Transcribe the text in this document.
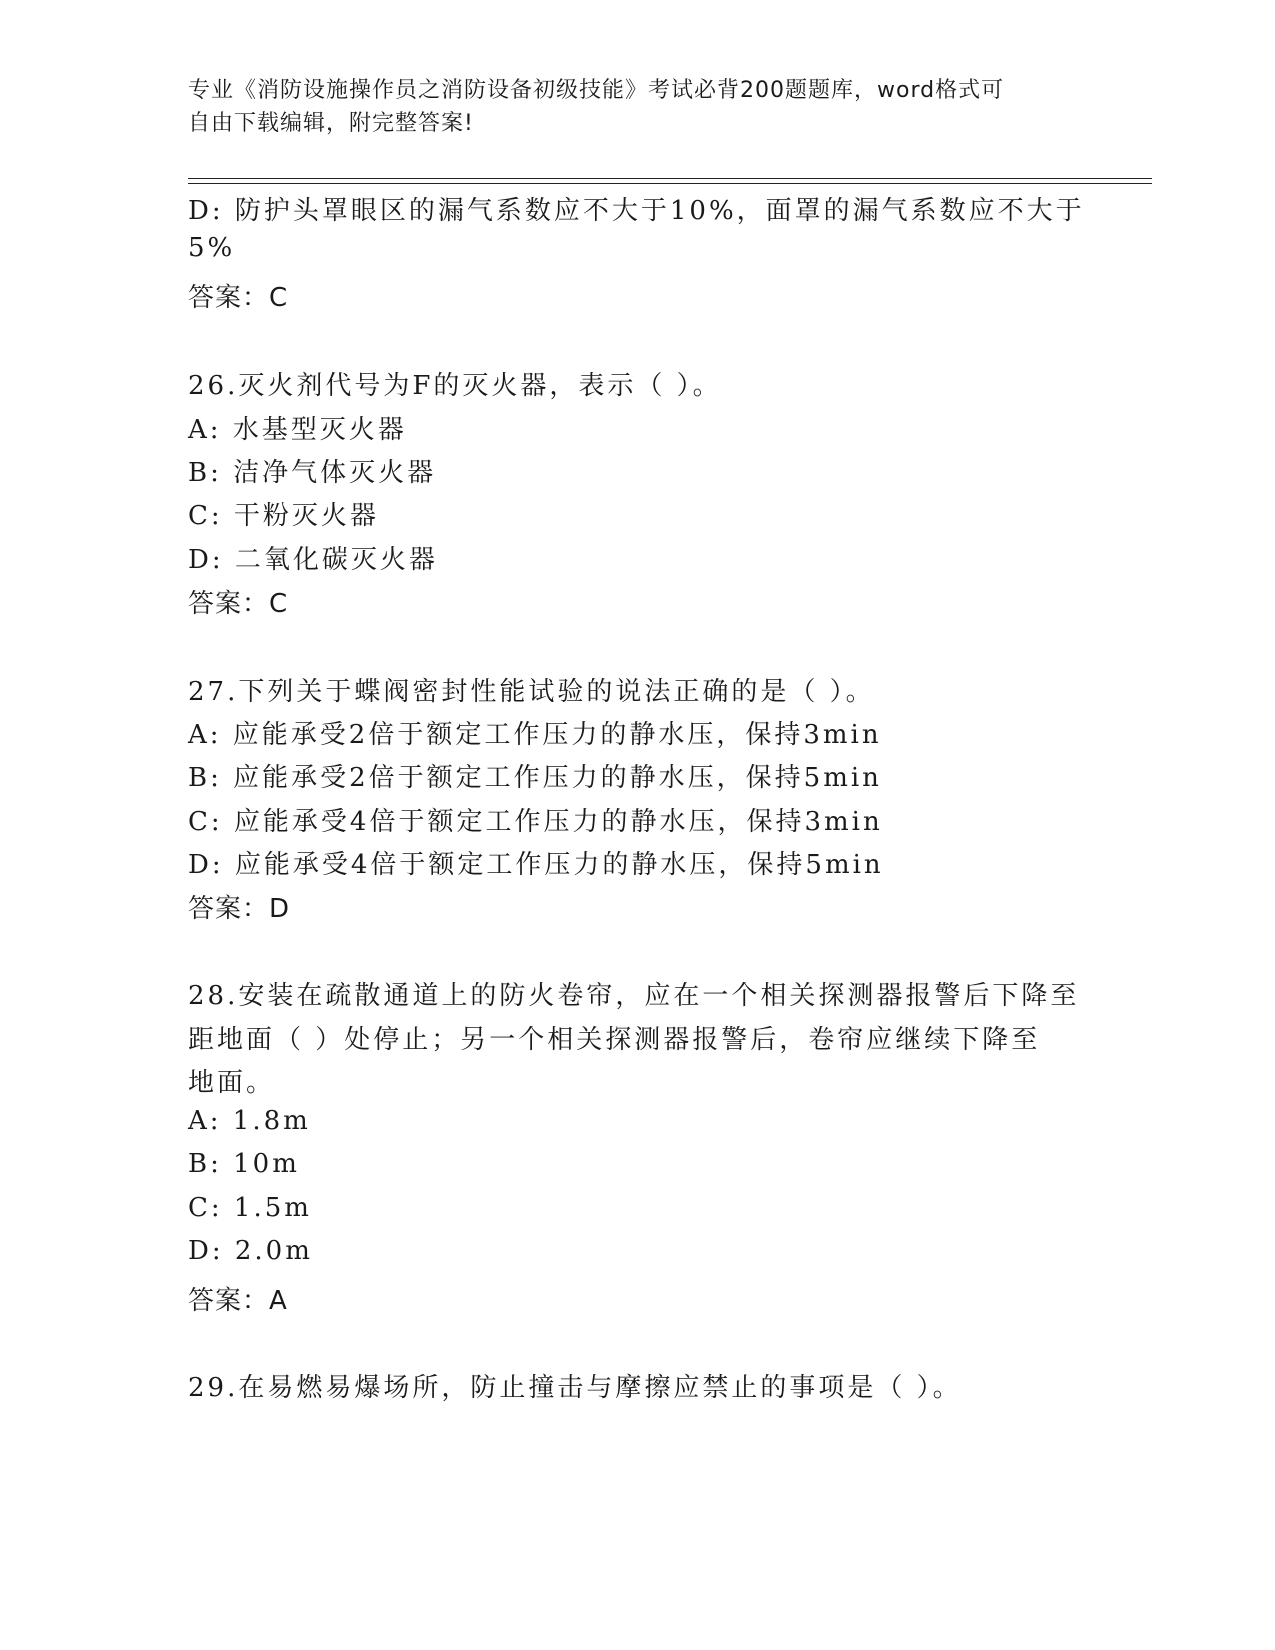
专业《消防设施操作员之消防设备初级技能》考试必背200题题库，word格式可
自由下载编辑，附完整答案!
D: 防护头罩眼区的漏气系数应不大于10%，面罩的漏气系数应不大于
5%
答案：C
26.灭火剂代号为F的灭火器，表示（ ）。
A: 水基型灭火器
B: 洁净气体灭火器
C: 干粉灭火器
D: 二氧化碳灭火器
答案：C
27.下列关于蝶阀密封性能试验的说法正确的是（ ）。
A: 应能承受2倍于额定工作压力的静水压，保持3min
B: 应能承受2倍于额定工作压力的静水压，保持5min
C: 应能承受4倍于额定工作压力的静水压，保持3min
D: 应能承受4倍于额定工作压力的静水压，保持5min
答案：D
28.安装在疏散通道上的防火卷帘，应在一个相关探测器报警后下降至
距地面（ ）处停止；另一个相关探测器报警后，卷帘应继续下降至
地面。
A: 1.8m
B: 10m
C: 1.5m
D: 2.0m
答案：A
29.在易燃易爆场所，防止撞击与摩擦应禁止的事项是（ ）。
